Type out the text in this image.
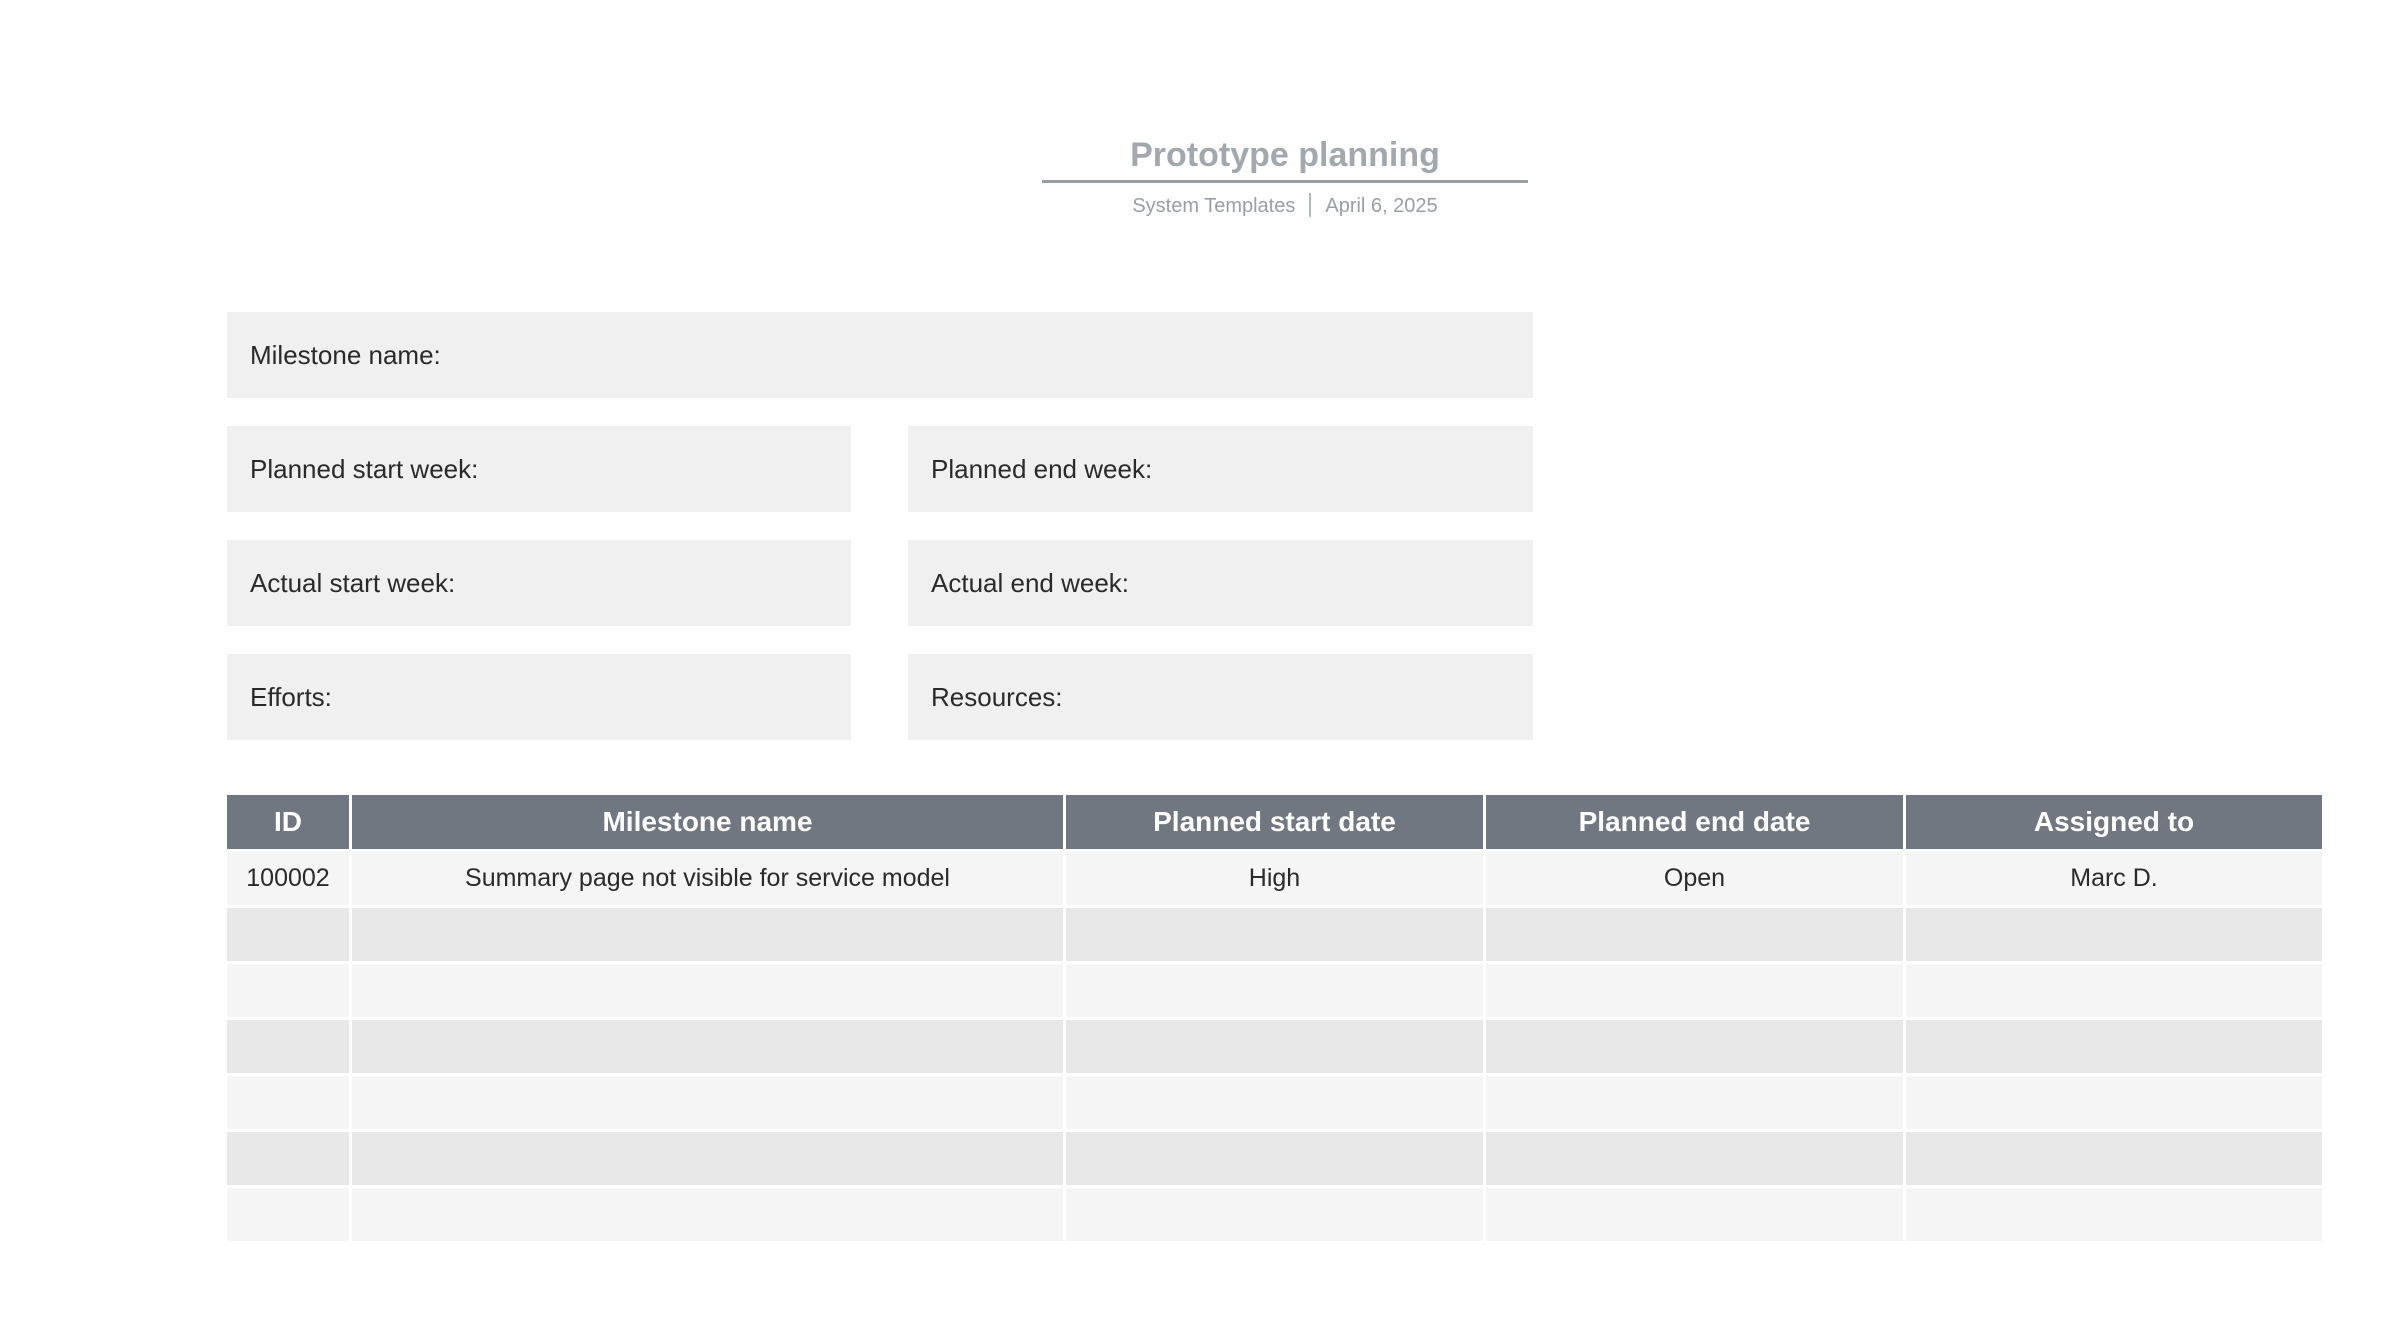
Prototype planning
System Templates April 6, 2025
Milestone name:
Planned start week:	Planned end week:
Actual start week:	Actual end week:
Efforts:	Resources:
ID	Milestone name	Planned start date	Planned end date	Assigned to
100002	Summary page not visible for service model	High	Open	Marc D.
